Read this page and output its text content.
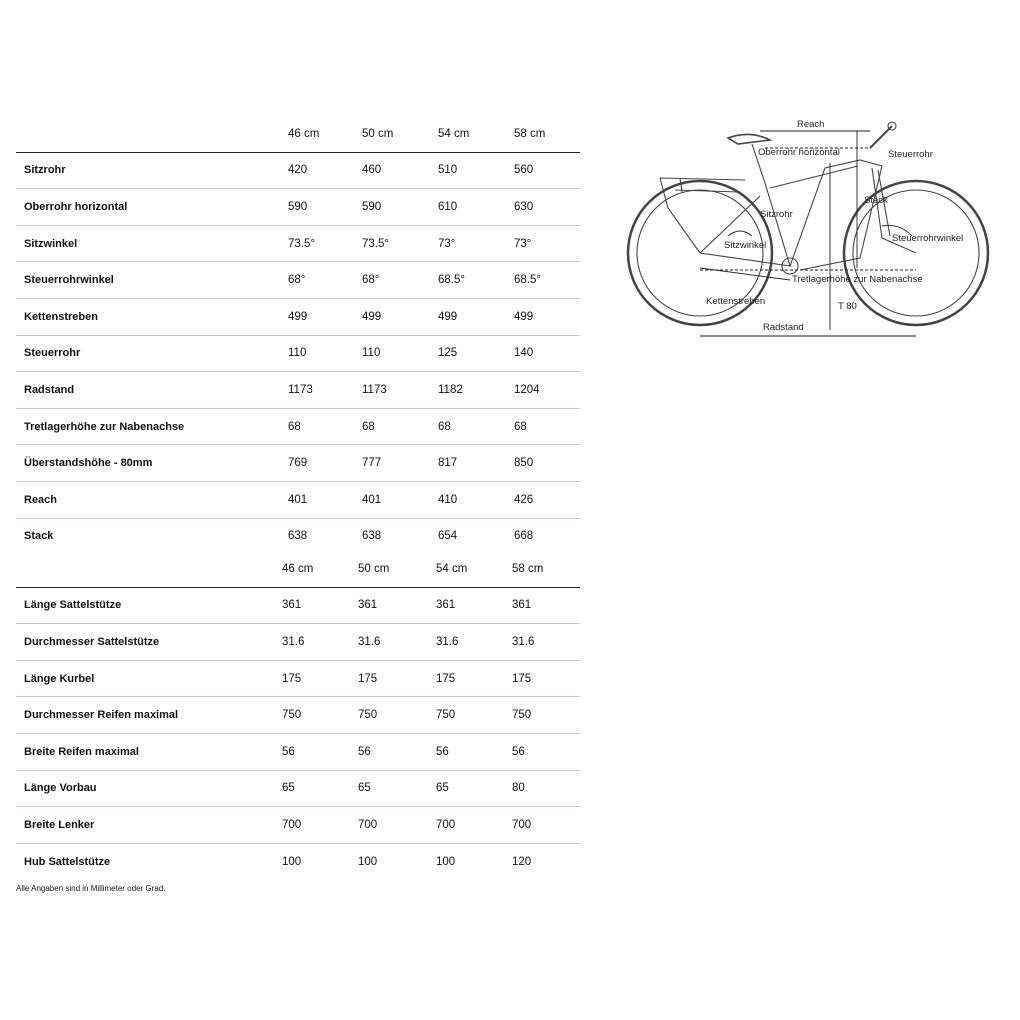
46 cm	50 cm	54 cm	58 cm
Sitzrohr	420	460	510	560
Oberrohr horizontal	590	590	610	630
Sitzwinkel	73.5°	73.5°	73°	73°
Steuerrohrwinkel	68°	68°	68.5°	68.5°
Kettenstreben	499	499	499	499
Steuerrohr	110	110	125	140
Radstand	1173	1173	1182	1204
Tretlagerhöhe zur Nabenachse	68	68	68	68
Überstandshöhe - 80mm	769	777	817	850
Reach	401	401	410	426
Stack	638	638	654	668
46 cm	50 cm	54 cm	58 cm
Länge Sattelstütze	361	361	361	361
Durchmesser Sattelstütze	31.6	31.6	31.6	31.6
Länge Kurbel	175	175	175	175
Durchmesser Reifen maximal	750	750	750	750
Breite Reifen maximal	56	56	56	56
Länge Vorbau	65	65	65	80
Breite Lenker	700	700	700	700
Hub Sattelstütze	100	100	100	120
Alle Angaben sind in Millimeter oder Grad.
Reach
Oberrohr horizontal	Steuerrohr
Stack
Sitzrohr
Steuerrohrwinkel
Sitzwinkel
Tretlagerhöhe zur Nabenachse
Kettenstreben	T 80
Radstand
